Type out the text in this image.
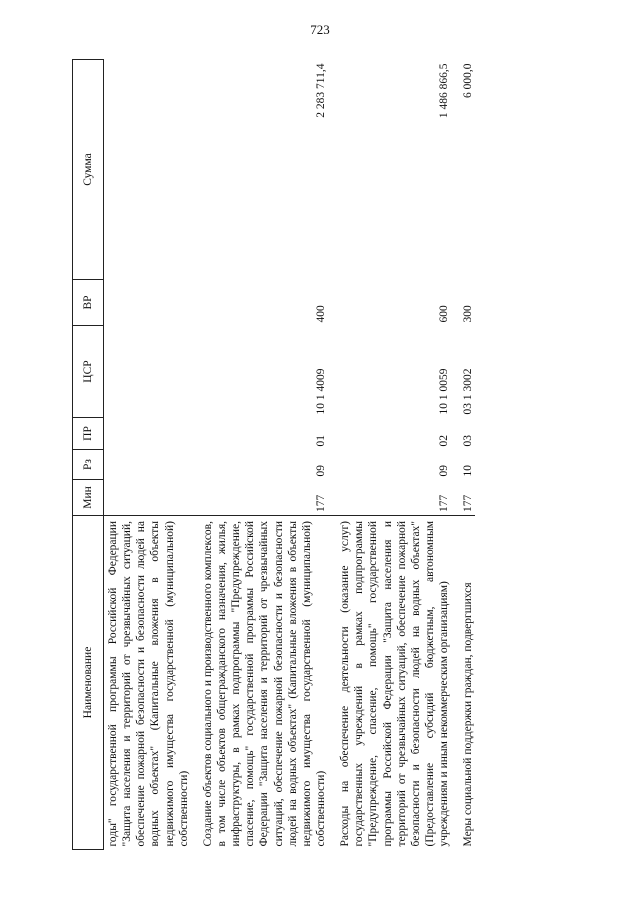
723
Наименование	Мин	Рз	ПР	ЦСР	ВР	Сумма
годы" государственной программы Российской Федерации "Защита населения и территорий от чрезвычайных ситуаций, обеспечение пожарной безопасности и безопасности людей на водных объектах" (Капитальные вложения в объекты недвижимого имущества государственной (муниципальной) собственности)						

Создание объектов социального и производственного комплексов, в том числе объектов общегражданского назначения, жилья, инфраструктуры, в рамках подпрограммы "Предупреждение, спасение, помощь" государственной программы Российской Федерации "Защита населения и территорий от чрезвычайных ситуаций, обеспечение пожарной безопасности и безопасности людей на водных объектах" (Капитальные вложения в объекты недвижимого имущества государственной (муниципальной) собственности)	177	09	01	10 1 4009	400	2 283 711,4

Расходы на обеспечение деятельности (оказание услуг) государственных учреждений в рамках подпрограммы "Предупреждение, спасение, помощь" государственной программы Российской Федерации "Защита населения и территорий от чрезвычайных ситуаций, обеспечение пожарной безопасности и безопасности людей на водных объектах" (Предоставление субсидий бюджетным, автономным учреждениям и иным некоммерческим организациям)	177	09	02	10 1 0059	600	1 486 866,5

Меры социальной поддержки граждан, подвергшихся	177	10	03	03 1 3002	300	6 000,0
